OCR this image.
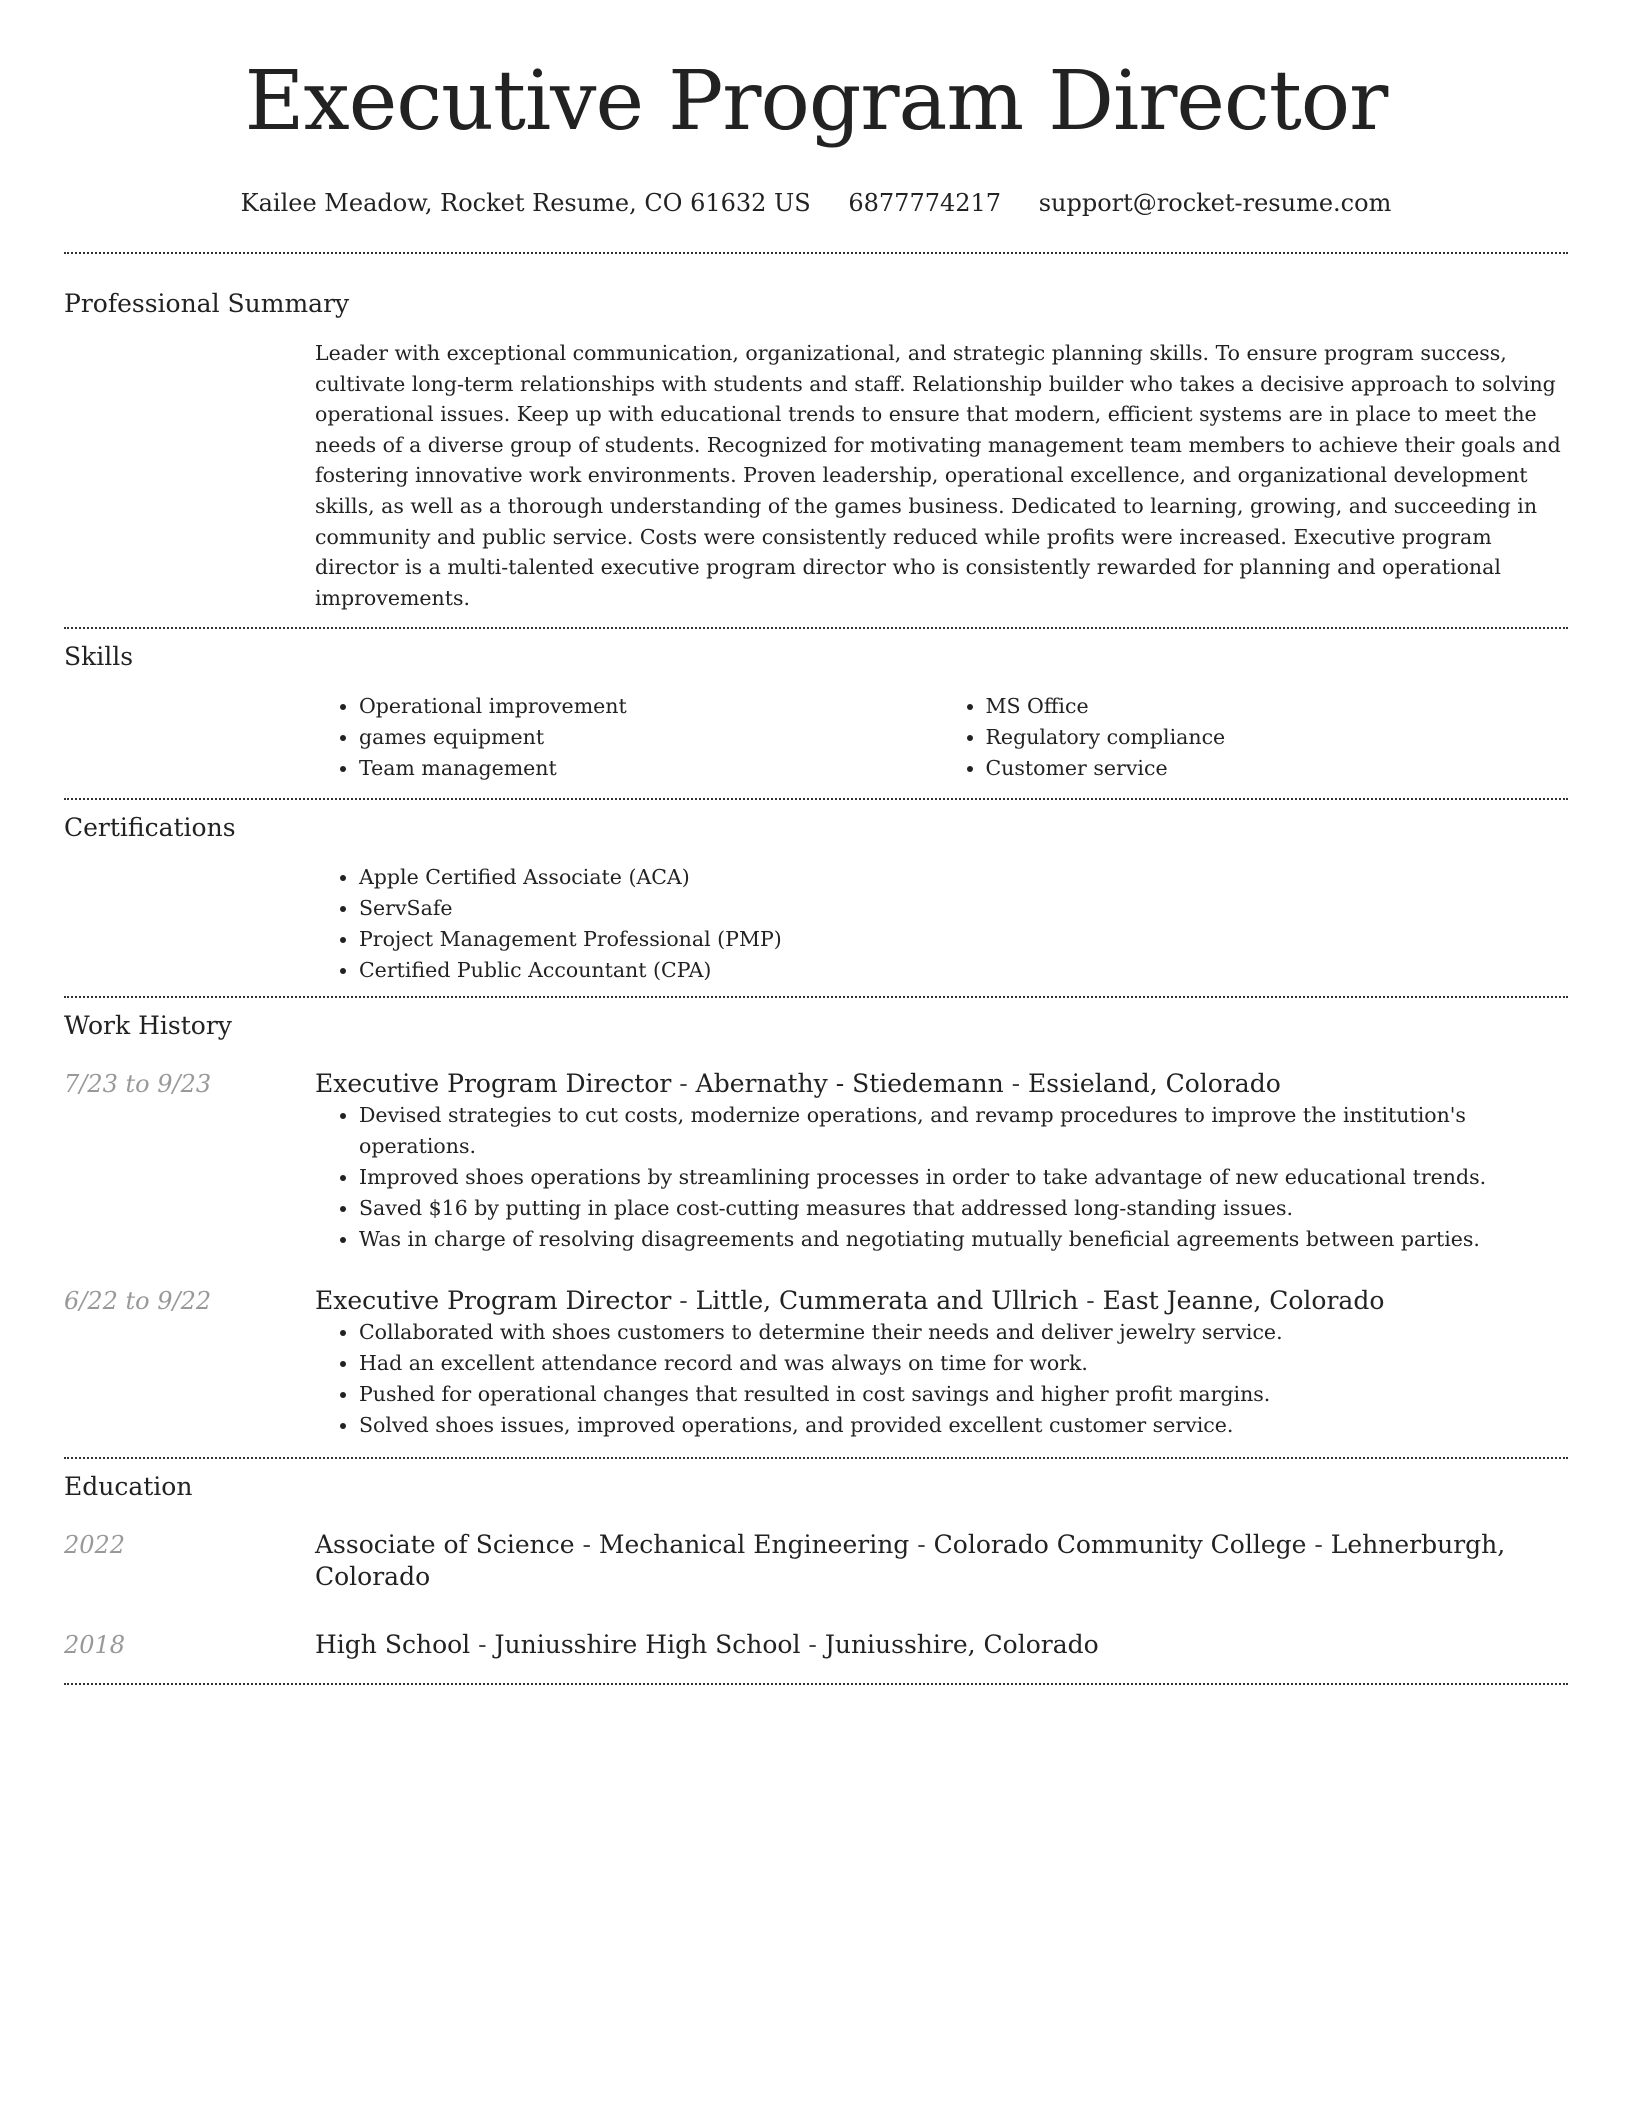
Executive Program Director
Kailee Meadow, Rocket Resume, CO 61632 US 6877774217 support@rocket-resume.com
Professional Summary
Leader with exceptional communication, organizational, and strategic planning skills. To ensure program success, cultivate long-term relationships with students and staff. Relationship builder who takes a decisive approach to solving operational issues. Keep up with educational trends to ensure that modern, efficient systems are in place to meet the needs of a diverse group of students. Recognized for motivating management team members to achieve their goals and fostering innovative work environments. Proven leadership, operational excellence, and organizational development skills, as well as a thorough understanding of the games business. Dedicated to learning, growing, and succeeding in community and public service. Costs were consistently reduced while profits were increased. Executive program director is a multi-talented executive program director who is consistently rewarded for planning and operational improvements.
Skills
• Operational improvement
• games equipment
• Team management
• MS Office
• Regulatory compliance
• Customer service
Certifications
• Apple Certified Associate (ACA)
• ServSafe
• Project Management Professional (PMP)
• Certified Public Accountant (CPA)
Work History
7/23 to 9/23	Executive Program Director - Abernathy - Stiedemann - Essieland, Colorado
• Devised strategies to cut costs, modernize operations, and revamp procedures to improve the institution's operations.
• Improved shoes operations by streamlining processes in order to take advantage of new educational trends.
• Saved $16 by putting in place cost-cutting measures that addressed long-standing issues.
• Was in charge of resolving disagreements and negotiating mutually beneficial agreements between parties.
6/22 to 9/22	Executive Program Director - Little, Cummerata and Ullrich - East Jeanne, Colorado
• Collaborated with shoes customers to determine their needs and deliver jewelry service.
• Had an excellent attendance record and was always on time for work.
• Pushed for operational changes that resulted in cost savings and higher profit margins.
• Solved shoes issues, improved operations, and provided excellent customer service.
Education
2022	Associate of Science - Mechanical Engineering - Colorado Community College - Lehnerburgh, Colorado
2018	High School - Juniusshire High School - Juniusshire, Colorado
